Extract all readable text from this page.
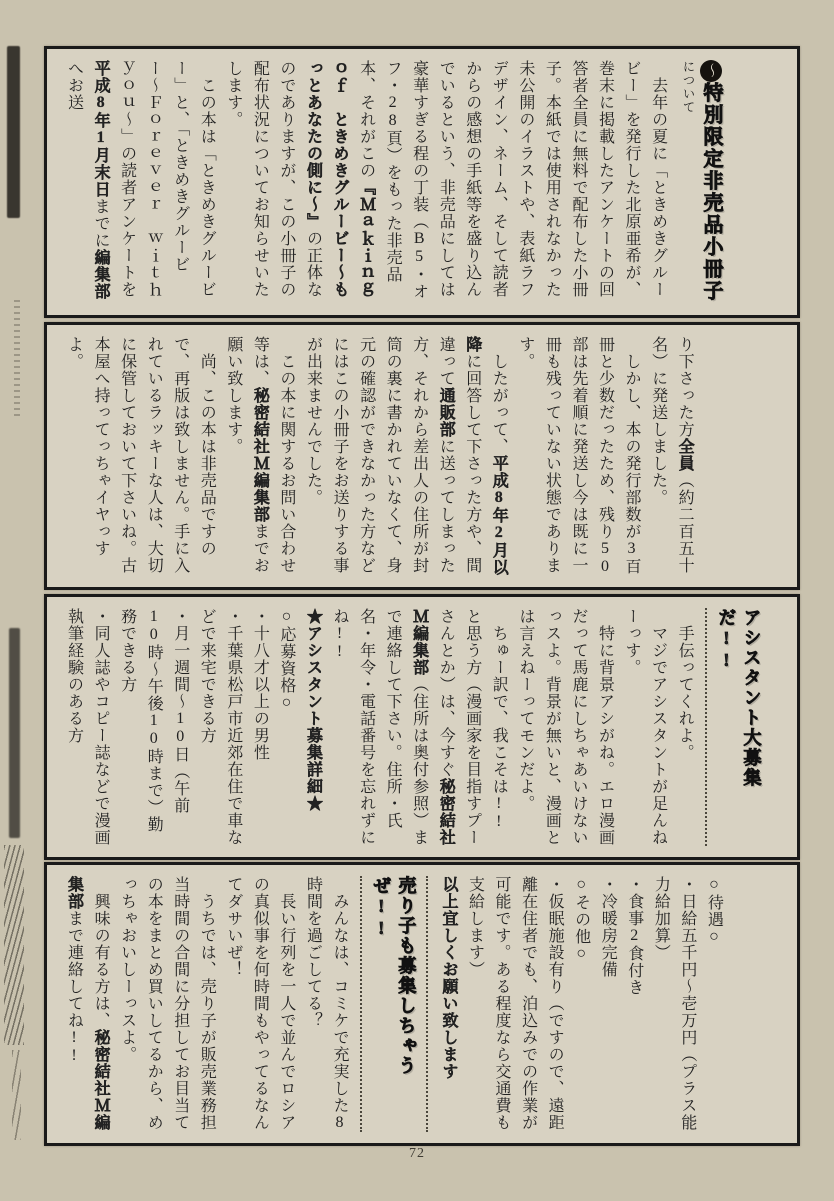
〜特別限定非売品小冊子について

　去年の夏に「ときめきグルービー」を発行した北原亜希が、巻末に掲載したアンケートの回答者全員に無料で配布した小冊子。本紙では使用されなかった未公開のイラストや、表紙ラフデザイン、ネーム、そして読者からの感想の手紙等を盛り込んでいるという、非売品にしては豪華すぎる程の丁装（B5・オフ・28頁）をもった非売品本、それがこの『Ｍａｋｉｎｇ　ｏｆ　ときめきグルービー〜もっとあなたの側に〜』の正体なのでありますが、この小冊子の配布状況についてお知らせいたします。

　この本は「ときめきグルービー」と、「ときめきグルービー〜Ｆｏｒｅｖｅｒ　ｗｉｔｈ　ｙｏｕ〜」の読者アンケートを平成8年1月末日までに編集部へお送

り下さった方全員（約二百五十名）に発送しました。

　しかし、本の発行部数が3百冊と少数だったため、残り50部は先着順に発送し今は既に一冊も残っていない状態であります。

　したがって、平成8年2月以降に回答して下さった方や、間違って通販部に送ってしまった方、それから差出人の住所が封筒の裏に書かれていなくて、身元の確認ができなかった方などにはこの小冊子をお送りする事が出来ませんでした。

　この本に関するお問い合わせ等は、秘密結社Ｍ編集部までお願い致します。

　尚、この本は非売品ですので、再版は致しません。手に入れているラッキーな人は、大切に保管しておいて下さいね。古本屋へ持ってっちゃイヤっすよ。

アシスタント大募集だ!!

　手伝ってくれよ。

　マジでアシスタントが足んねーっす。

　特に背景アシがね。エロ漫画だって馬鹿にしちゃあいけないっスよ。背景が無いと、漫画とは言えねーってモンだよ。

　ちゅー訳で、我こそは!!と思う方（漫画家を目指すプーさんとか）は、今すぐ秘密結社Ｍ編集部（住所は奥付参照）まで連絡して下さい。住所・氏名・年令・電話番号を忘れずにね!!

★アシスタント募集詳細★

○応募資格○

・十八才以上の男性

・千葉県松戸市近郊在住で車などで来宅できる方

・月一週間〜10日（午前10時〜午後10時まで）勤務できる方

・同人誌やコピー誌などで漫画執筆経験のある方

○待遇○

・日給五千円〜壱万円（プラス能力給加算）

・食事2食付き

・冷暖房完備

○その他○

・仮眠施設有り（ですので、遠距離在住者でも、泊込みでの作業が可能です。ある程度なら交通費も支給します）

以上宜しくお願い致します

売り子も募集しちゃうぜ!!

　みんなは、コミケで充実した8時間を過ごしてる？

　長い行列を一人で並んでロシアの真似事を何時間もやってるなんてダサいぜ！

　うちでは、売り子が販売業務担当時間の合間に分担してお目当ての本をまとめ買いしてるから、めっちゃおいしーっスよ。

　興味の有る方は、秘密結社Ｍ編集部まで連絡してね!!

72
